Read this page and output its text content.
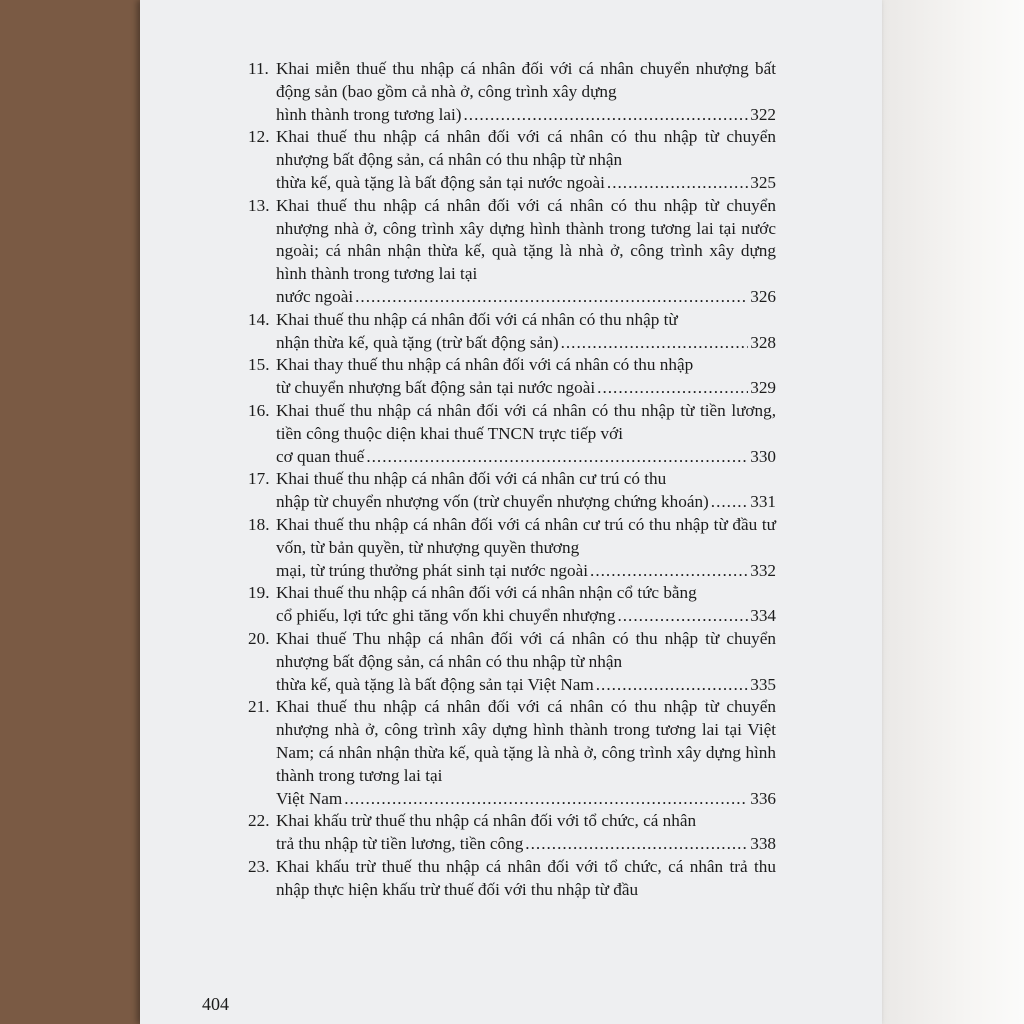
11. Khai miễn thuế thu nhập cá nhân đối với cá nhân chuyển nhượng bất động sản (bao gồm cả nhà ở, công trình xây dựng
hình thành trong tương lai) .....	322
12. Khai thuế thu nhập cá nhân đối với cá nhân có thu nhập từ chuyển nhượng bất động sản, cá nhân có thu nhập từ nhận
thừa kế, quà tặng là bất động sản tại nước ngoài .....	325
13. Khai thuế thu nhập cá nhân đối với cá nhân có thu nhập từ chuyển nhượng nhà ở, công trình xây dựng hình thành trong tương lai tại nước ngoài; cá nhân nhận thừa kế, quà tặng là nhà ở, công trình xây dựng hình thành trong tương lai tại
nước ngoài .....	326
14. Khai thuế thu nhập cá nhân đối với cá nhân có thu nhập từ
nhận thừa kế, quà tặng (trừ bất động sản) .....	328
15. Khai thay thuế thu nhập cá nhân đối với cá nhân có thu nhập
từ chuyển nhượng bất động sản tại nước ngoài .....	329
16. Khai thuế thu nhập cá nhân đối với cá nhân có thu nhập từ tiền lương, tiền công thuộc diện khai thuế TNCN trực tiếp với
cơ quan thuế .....	330
17. Khai thuế thu nhập cá nhân đối với cá nhân cư trú có thu
nhập từ chuyển nhượng vốn (trừ chuyển nhượng chứng khoán) ..... 331
18. Khai thuế thu nhập cá nhân đối với cá nhân cư trú có thu nhập từ đầu tư vốn, từ bản quyền, từ nhượng quyền thương
mại, từ trúng thưởng phát sinh tại nước ngoài .....	332
19. Khai thuế thu nhập cá nhân đối với cá nhân nhận cổ tức bằng
cổ phiếu, lợi tức ghi tăng vốn khi chuyển nhượng .....	334
20. Khai thuế Thu nhập cá nhân đối với cá nhân có thu nhập từ chuyển nhượng bất động sản, cá nhân có thu nhập từ nhận
thừa kế, quà tặng là bất động sản tại Việt Nam .....	335
21. Khai thuế thu nhập cá nhân đối với cá nhân có thu nhập từ chuyển nhượng nhà ở, công trình xây dựng hình thành trong tương lai tại Việt Nam; cá nhân nhận thừa kế, quà tặng là nhà ở, công trình xây dựng hình thành trong tương lai tại
Việt Nam .....	336
22. Khai khấu trừ thuế thu nhập cá nhân đối với tổ chức, cá nhân
trả thu nhập từ tiền lương, tiền công .....	338
23. Khai khấu trừ thuế thu nhập cá nhân đối với tổ chức, cá nhân trả thu nhập thực hiện khấu trừ thuế đối với thu nhập từ đầu
404
